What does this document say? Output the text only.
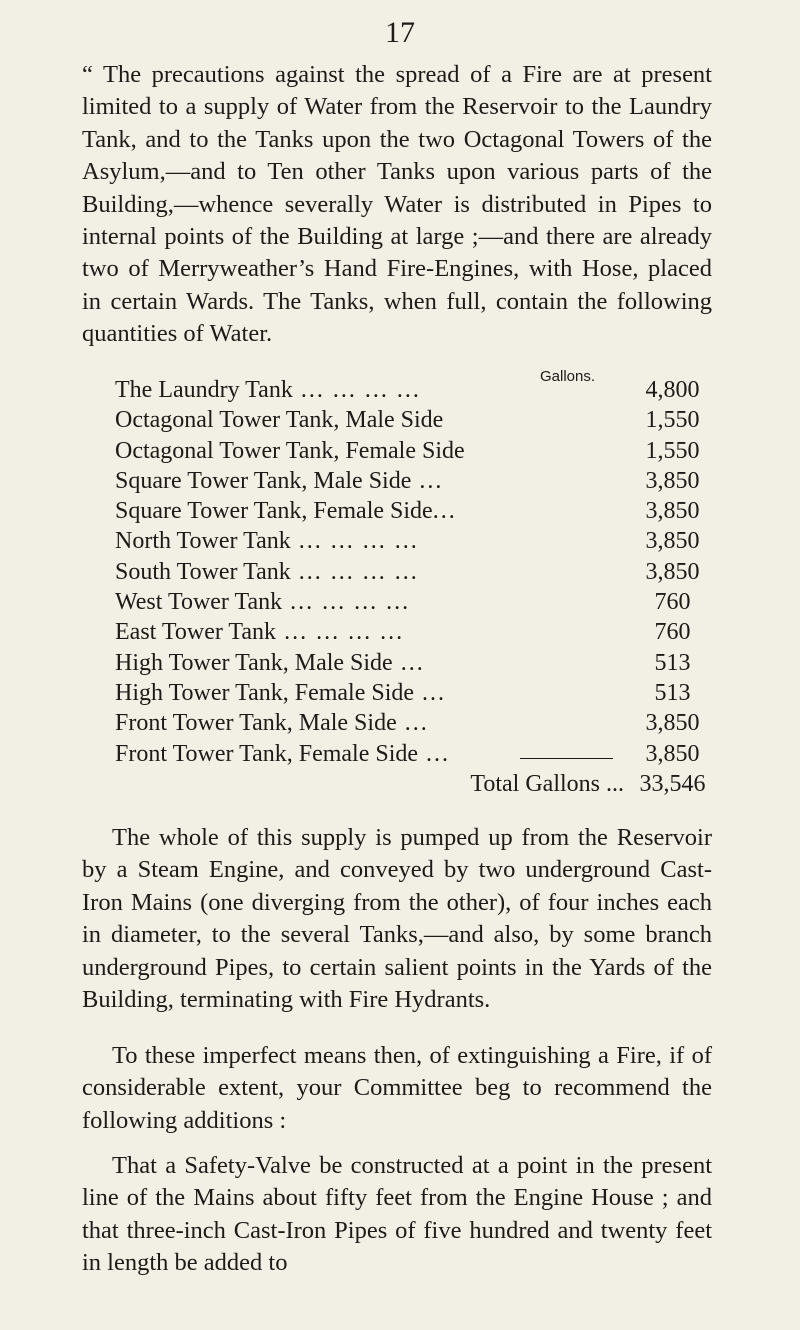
17

“ The precautions against the spread of a Fire are at present limited to a supply of Water from the Reservoir to the Laundry Tank, and to the Tanks upon the two Octagonal Towers of the Asylum,—and to Ten other Tanks upon various parts of the Building,—whence severally Water is distributed in Pipes to internal points of the Building at large ;—and there are already two of Merryweather’s Hand Fire-Engines, with Hose, placed in certain Wards. The Tanks, when full, contain the following quantities of Water.

Gallons.
The Laundry Tank ... ... ... ...	4,800
Octagonal Tower Tank, Male Side	1,550
Octagonal Tower Tank, Female Side	1,550
Square Tower Tank, Male Side ...	3,850
Square Tower Tank, Female Side...	3,850
North Tower Tank ... ... ... ...	3,850
South Tower Tank ... ... ... ...	3,850
West Tower Tank ... ... ... ...	760
East Tower Tank ... ... ... ...	760
High Tower Tank, Male Side ...	513
High Tower Tank, Female Side ...	513
Front Tower Tank, Male Side ...	3,850
Front Tower Tank, Female Side ...	3,850
Total Gallons ... 33,546

The whole of this supply is pumped up from the Reservoir by a Steam Engine, and conveyed by two underground Cast-Iron Mains (one diverging from the other), of four inches each in diameter, to the several Tanks,—and also, by some branch underground Pipes, to certain salient points in the Yards of the Building, terminating with Fire Hydrants.

To these imperfect means then, of extinguishing a Fire, if of considerable extent, your Committee beg to recommend the following additions :

That a Safety-Valve be constructed at a point in the present line of the Mains about fifty feet from the Engine House ; and that three-inch Cast-Iron Pipes of five hundred and twenty feet in length be added to
